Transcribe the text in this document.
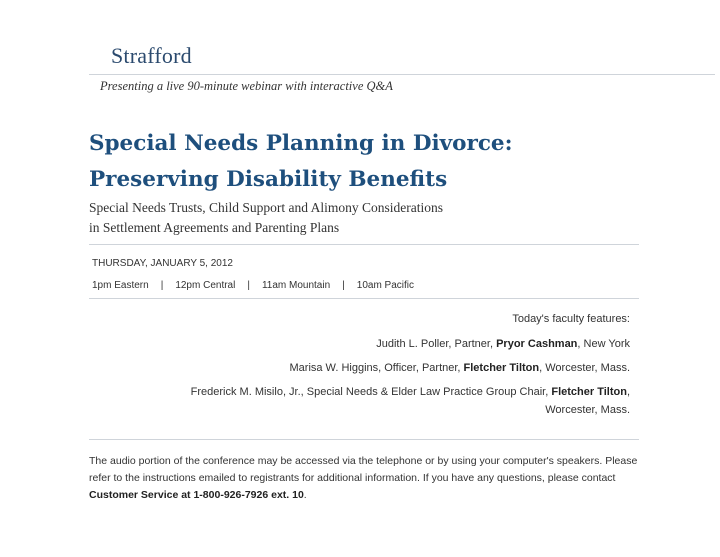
Strafford
Presenting a live 90-minute webinar with interactive Q&A
Special Needs Planning in Divorce:
Preserving Disability Benefits
Special Needs Trusts, Child Support and Alimony Considerations
in Settlement Agreements and Parenting Plans
THURSDAY, JANUARY 5, 2012
1pm Eastern | 12pm Central | 11am Mountain | 10am Pacific
Today's faculty features:
Judith L. Poller, Partner, Pryor Cashman, New York
Marisa W. Higgins, Officer, Partner, Fletcher Tilton, Worcester, Mass.
Frederick M. Misilo, Jr., Special Needs & Elder Law Practice Group Chair, Fletcher Tilton,
Worcester, Mass.
The audio portion of the conference may be accessed via the telephone or by using your computer's speakers. Please refer to the instructions emailed to registrants for additional information. If you have any questions, please contact Customer Service at 1-800-926-7926 ext. 10.
